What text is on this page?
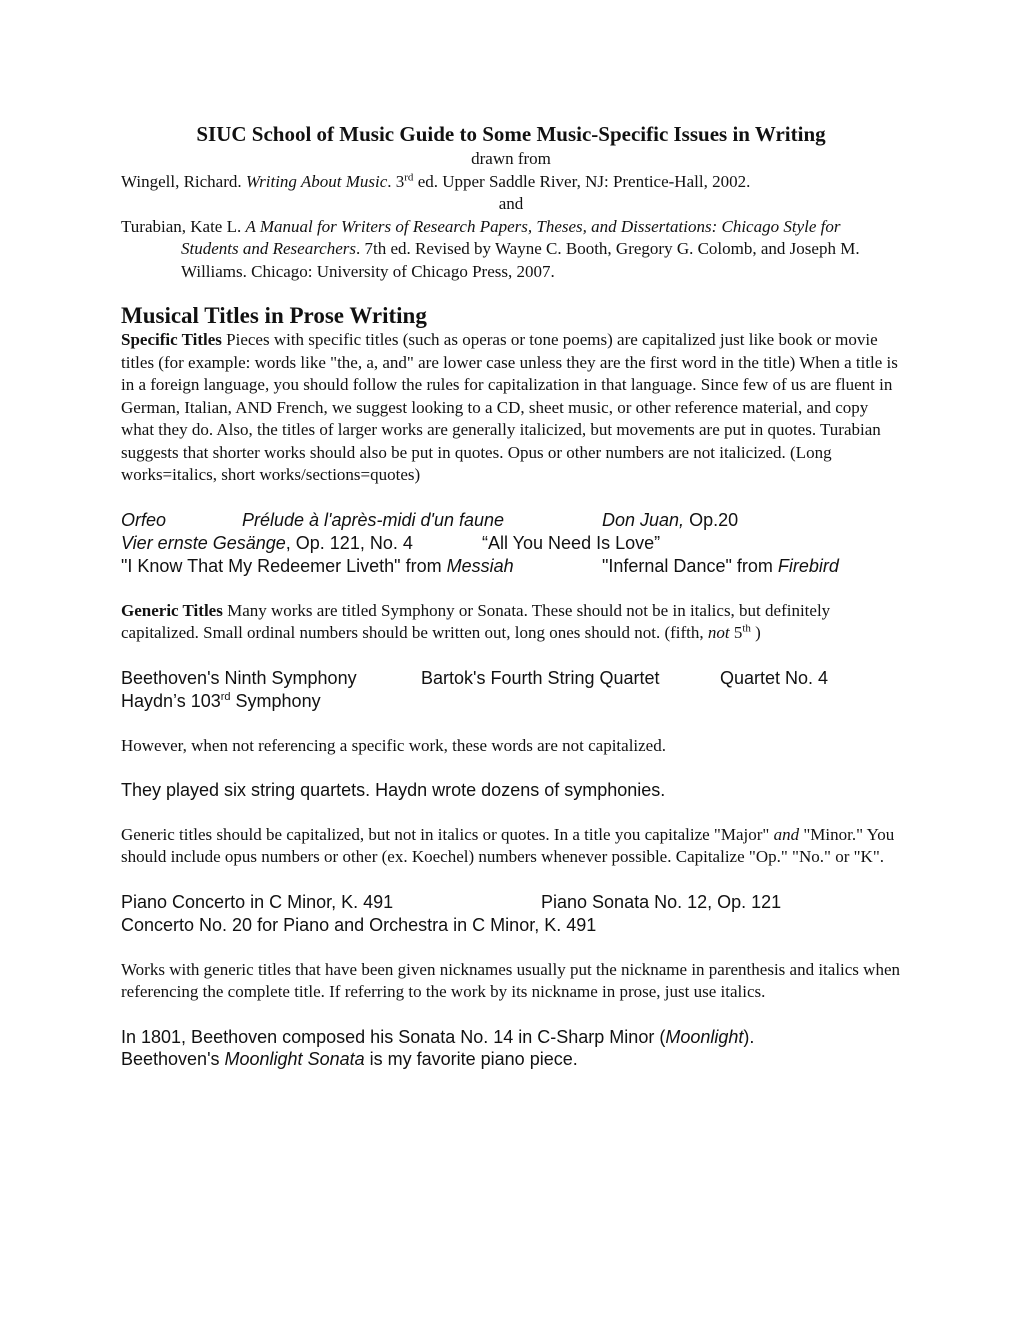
SIUC School of Music Guide to Some Music-Specific Issues in Writing

drawn from

Wingell, Richard. Writing About Music. 3rd ed. Upper Saddle River, NJ: Prentice-Hall, 2002.

and

Turabian, Kate L. A Manual for Writers of Research Papers, Theses, and Dissertations: Chicago Style for Students and Researchers. 7th ed. Revised by Wayne C. Booth, Gregory G. Colomb, and Joseph M. Williams. Chicago: University of Chicago Press, 2007.

Musical Titles in Prose Writing

Specific Titles Pieces with specific titles (such as operas or tone poems) are capitalized just like book or movie titles (for example: words like "the, a, and" are lower case unless they are the first word in the title) When a title is in a foreign language, you should follow the rules for capitalization in that language. Since few of us are fluent in German, Italian, AND French, we suggest looking to a CD, sheet music, or other reference material, and copy what they do. Also, the titles of larger works are generally italicized, but movements are put in quotes. Turabian suggests that shorter works should also be put in quotes. Opus or other numbers are not italicized. (Long works=italics, short works/sections=quotes)

Orfeo	Prélude à l'après-midi d'un faune	Don Juan, Op.20
Vier ernste Gesänge, Op. 121, No. 4	“All You Need Is Love”
"I Know That My Redeemer Liveth" from Messiah	"Infernal Dance" from Firebird

Generic Titles Many works are titled Symphony or Sonata. These should not be in italics, but definitely capitalized. Small ordinal numbers should be written out, long ones should not. (fifth, not 5th )

Beethoven's Ninth Symphony	Bartok's Fourth String Quartet	Quartet No. 4
Haydn’s 103rd Symphony

However, when not referencing a specific work, these words are not capitalized.

They played six string quartets. Haydn wrote dozens of symphonies.

Generic titles should be capitalized, but not in italics or quotes. In a title you capitalize "Major" and "Minor." You should include opus numbers or other (ex. Koechel) numbers whenever possible. Capitalize "Op." "No." or "K".

Piano Concerto in C Minor, K. 491	Piano Sonata No. 12, Op. 121
Concerto No. 20 for Piano and Orchestra in C Minor, K. 491

Works with generic titles that have been given nicknames usually put the nickname in parenthesis and italics when referencing the complete title. If referring to the work by its nickname in prose, just use italics.

In 1801, Beethoven composed his Sonata No. 14 in C-Sharp Minor (Moonlight).

Beethoven's Moonlight Sonata is my favorite piano piece.
